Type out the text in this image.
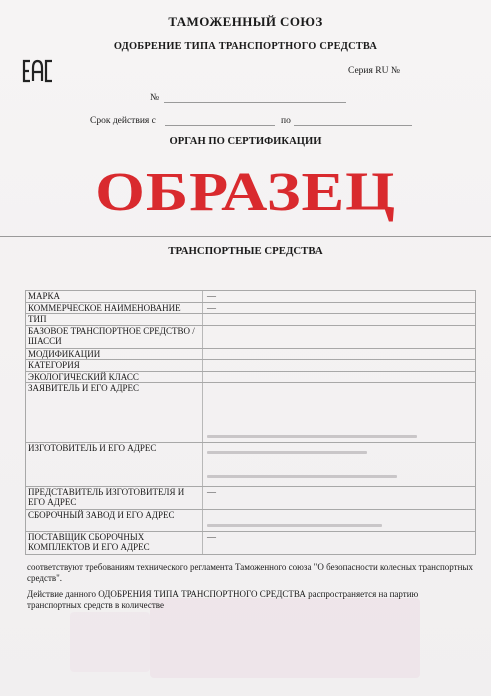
ТАМОЖЕННЫЙ СОЮЗ
ОДОБРЕНИЕ ТИПА ТРАНСПОРТНОГО СРЕДСТВА
Серия RU №
№
Срок действия с	по
ОРГАН ПО СЕРТИФИКАЦИИ
ОБРАЗЕЦ
ТРАНСПОРТНЫЕ СРЕДСТВА
МАРКА	—
КОММЕРЧЕСКОЕ НАИМЕНОВАНИЕ	—
ТИП	
БАЗОВОЕ ТРАНСПОРТНОЕ СРЕДСТВО / ШАССИ	
МОДИФИКАЦИИ	
КАТЕГОРИЯ	
ЭКОЛОГИЧЕСКИЙ КЛАСС	
ЗАЯВИТЕЛЬ И ЕГО АДРЕС	

ИЗГОТОВИТЕЛЬ И ЕГО АДРЕС	

ПРЕДСТАВИТЕЛЬ ИЗГОТОВИТЕЛЯ И ЕГО АДРЕС	—
СБОРОЧНЫЙ ЗАВОД И ЕГО АДРЕС	

ПОСТАВЩИК СБОРОЧНЫХ КОМПЛЕКТОВ И ЕГО АДРЕС	—
соответствуют требованиям технического регламента Таможенного союза "О безопасности колесных транспортных средств".
Действие данного ОДОБРЕНИЯ ТИПА ТРАНСПОРТНОГО СРЕДСТВА распространяется на партию транспортных средств в количестве
